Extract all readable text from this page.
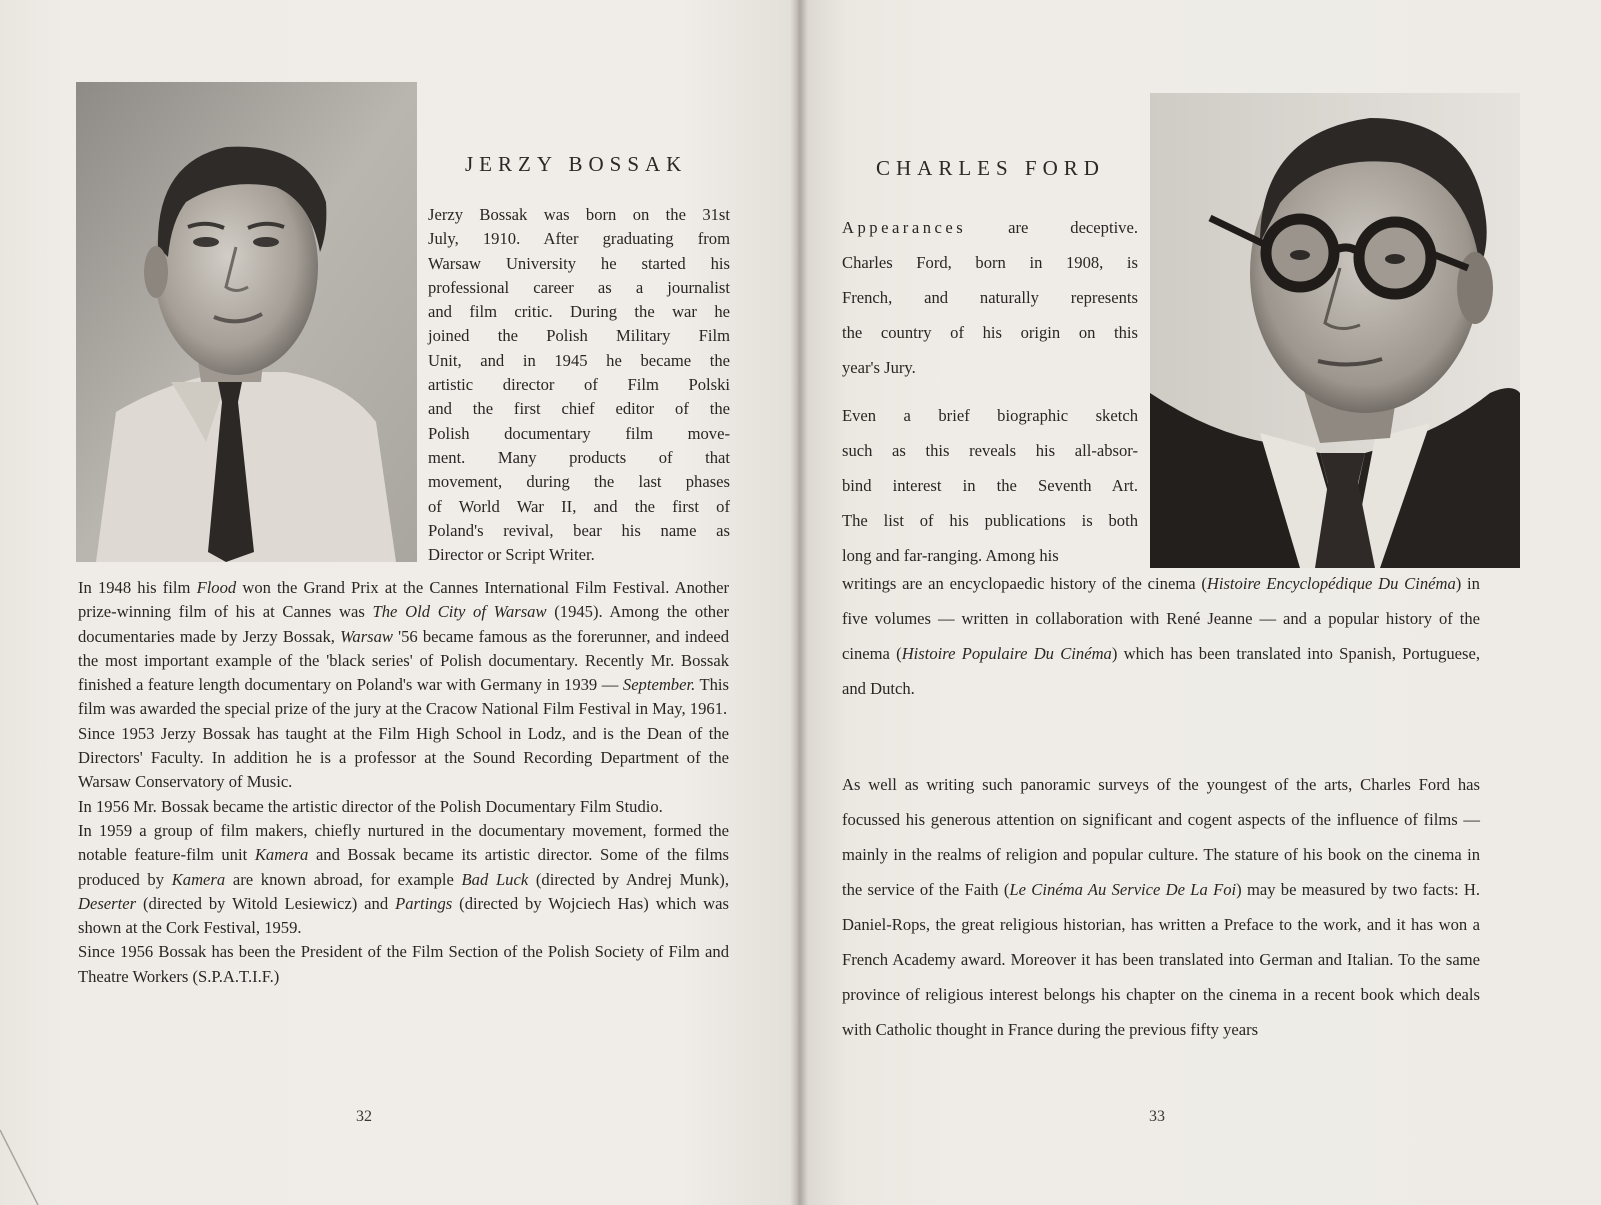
JERZY BOSSAK
Jerzy Bossak was born on the 31st
July, 1910. After graduating from
Warsaw University he started his
professional career as a journalist
and film critic. During the war he
joined the Polish Military Film
Unit, and in 1945 he became the
artistic director of Film Polski
and the first chief editor of the
Polish documentary film move-
ment. Many products of that
movement, during the last phases
of World War II, and the first of
Poland's revival, bear his name as
Director or Script Writer.

In 1948 his film Flood won the Grand Prix at the Cannes International Film Festival. Another prize-winning film of his at Cannes was The Old City of Warsaw (1945). Among the other documentaries made by Jerzy Bossak, Warsaw '56 became famous as the forerunner, and indeed the most important example of the 'black series' of Polish documentary. Recently Mr. Bossak finished a feature length documentary on Poland's war with Germany in 1939 — September. This film was awarded the special prize of the jury at the Cracow National Film Festival in May, 1961.

Since 1953 Jerzy Bossak has taught at the Film High School in Lodz, and is the Dean of the Directors' Faculty. In addition he is a professor at the Sound Recording Department of the Warsaw Conservatory of Music.

In 1956 Mr. Bossak became the artistic director of the Polish Documentary Film Studio.

In 1959 a group of film makers, chiefly nurtured in the documentary movement, formed the notable feature-film unit Kamera and Bossak became its artistic director. Some of the films produced by Kamera are known abroad, for example Bad Luck (directed by Andrej Munk), Deserter (directed by Witold Lesiewicz) and Partings (directed by Wojciech Has) which was shown at the Cork Festival, 1959.

Since 1956 Bossak has been the President of the Film Section of the Polish Society of Film and Theatre Workers (S.P.A.T.I.F.)

32
CHARLES FORD
Appearances are deceptive.
Charles Ford, born in 1908, is
French, and naturally represents
the country of his origin on this
year's Jury.
Even a brief biographic sketch
such as this reveals his all-absor-
bind interest in the Seventh Art.
The list of his publications is both
long and far-ranging. Among his
writings are an encyclopaedic history of the cinema (Histoire Encyclopédique Du Cinéma) in five volumes — written in collaboration with René Jeanne — and a popular history of the cinema (Histoire Populaire Du Cinéma) which has been translated into Spanish, Portuguese, and Dutch.
As well as writing such panoramic surveys of the youngest of the arts, Charles Ford has focussed his generous attention on significant and cogent aspects of the influence of films — mainly in the realms of religion and popular culture. The stature of his book on the cinema in the service of the Faith (Le Cinéma Au Service De La Foi) may be measured by two facts: H. Daniel-Rops, the great religious historian, has written a Preface to the work, and it has won a French Academy award. Moreover it has been translated into German and Italian. To the same province of religious interest belongs his chapter on the cinema in a recent book which deals with Catholic thought in France during the previous fifty years
33
